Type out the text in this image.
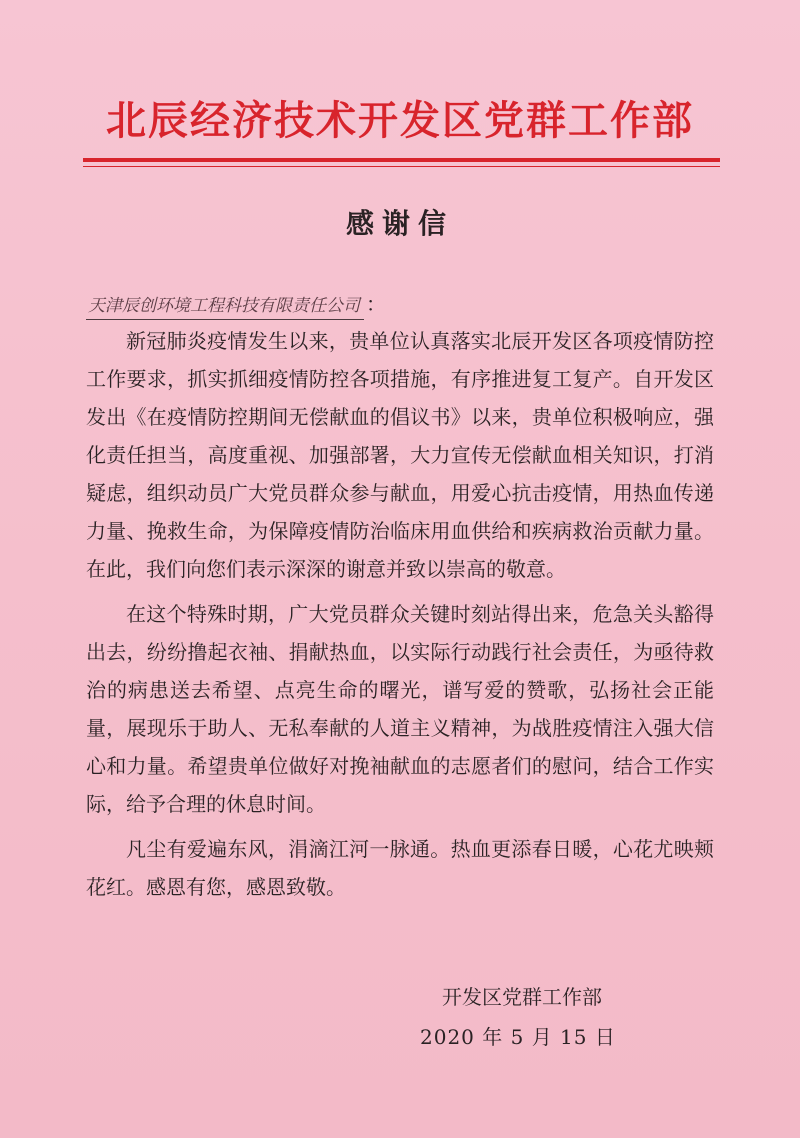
北辰经济技术开发区党群工作部
感谢信
天津辰创环境工程科技有限责任公司 ：

新冠肺炎疫情发生以来，贵单位认真落实北辰开发区各项疫情防控工作要求，抓实抓细疫情防控各项措施，有序推进复工复产。自开发区发出《在疫情防控期间无偿献血的倡议书》以来，贵单位积极响应，强化责任担当，高度重视、加强部署，大力宣传无偿献血相关知识，打消疑虑，组织动员广大党员群众参与献血，用爱心抗击疫情，用热血传递力量、挽救生命，为保障疫情防治临床用血供给和疾病救治贡献力量。在此，我们向您们表示深深的谢意并致以崇高的敬意。

在这个特殊时期，广大党员群众关键时刻站得出来，危急关头豁得出去，纷纷撸起衣袖、捐献热血，以实际行动践行社会责任，为亟待救治的病患送去希望、点亮生命的曙光，谱写爱的赞歌，弘扬社会正能量，展现乐于助人、无私奉献的人道主义精神，为战胜疫情注入强大信心和力量。希望贵单位做好对挽袖献血的志愿者们的慰问，结合工作实际，给予合理的休息时间。

凡尘有爱遍东风，涓滴江河一脉通。热血更添春日暖，心花尤映颊花红。感恩有您，感恩致敬。

开发区党群工作部
2020 年 5 月 15 日
